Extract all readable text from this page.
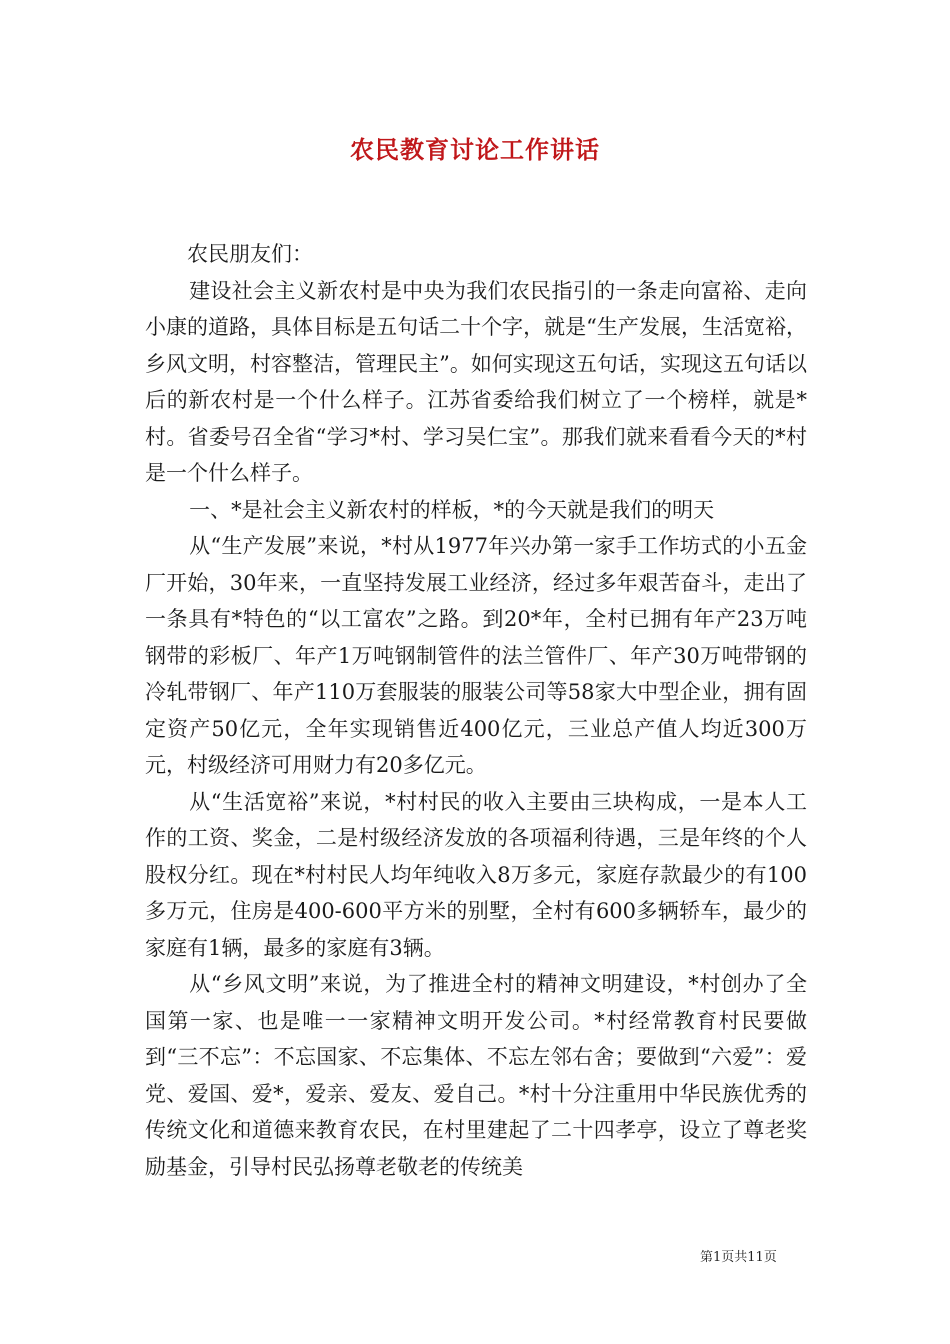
农民教育讨论工作讲话

农民朋友们：

建设社会主义新农村是中央为我们农民指引的一条走向富裕、走向小康的道路，具体目标是五句话二十个字，就是“生产发展，生活宽裕，乡风文明，村容整洁，管理民主”。如何实现这五句话，实现这五句话以后的新农村是一个什么样子。江苏省委给我们树立了一个榜样，就是*村。省委号召全省“学习*村、学习吴仁宝”。那我们就来看看今天的*村是一个什么样子。

一、*是社会主义新农村的样板，*的今天就是我们的明天

从“生产发展”来说，*村从1977年兴办第一家手工作坊式的小五金厂开始，30年来，一直坚持发展工业经济，经过多年艰苦奋斗，走出了一条具有*特色的“以工富农”之路。到20*年，全村已拥有年产23万吨钢带的彩板厂、年产1万吨钢制管件的法兰管件厂、年产30万吨带钢的冷轧带钢厂、年产110万套服装的服装公司等58家大中型企业，拥有固定资产50亿元，全年实现销售近400亿元，三业总产值人均近300万元，村级经济可用财力有20多亿元。

从“生活宽裕”来说，*村村民的收入主要由三块构成，一是本人工作的工资、奖金，二是村级经济发放的各项福利待遇，三是年终的个人股权分红。现在*村村民人均年纯收入8万多元，家庭存款最少的有100多万元，住房是400-600平方米的别墅，全村有600多辆轿车，最少的家庭有1辆，最多的家庭有3辆。

从“乡风文明”来说，为了推进全村的精神文明建设，*村创办了全国第一家、也是唯一一家精神文明开发公司。*村经常教育村民要做到“三不忘”：不忘国家、不忘集体、不忘左邻右舍；要做到“六爱”：爱党、爱国、爱*，爱亲、爱友、爱自己。*村十分注重用中华民族优秀的传统文化和道德来教育农民，在村里建起了二十四孝亭，设立了尊老奖励基金，引导村民弘扬尊老敬老的传统美

第1页共11页
